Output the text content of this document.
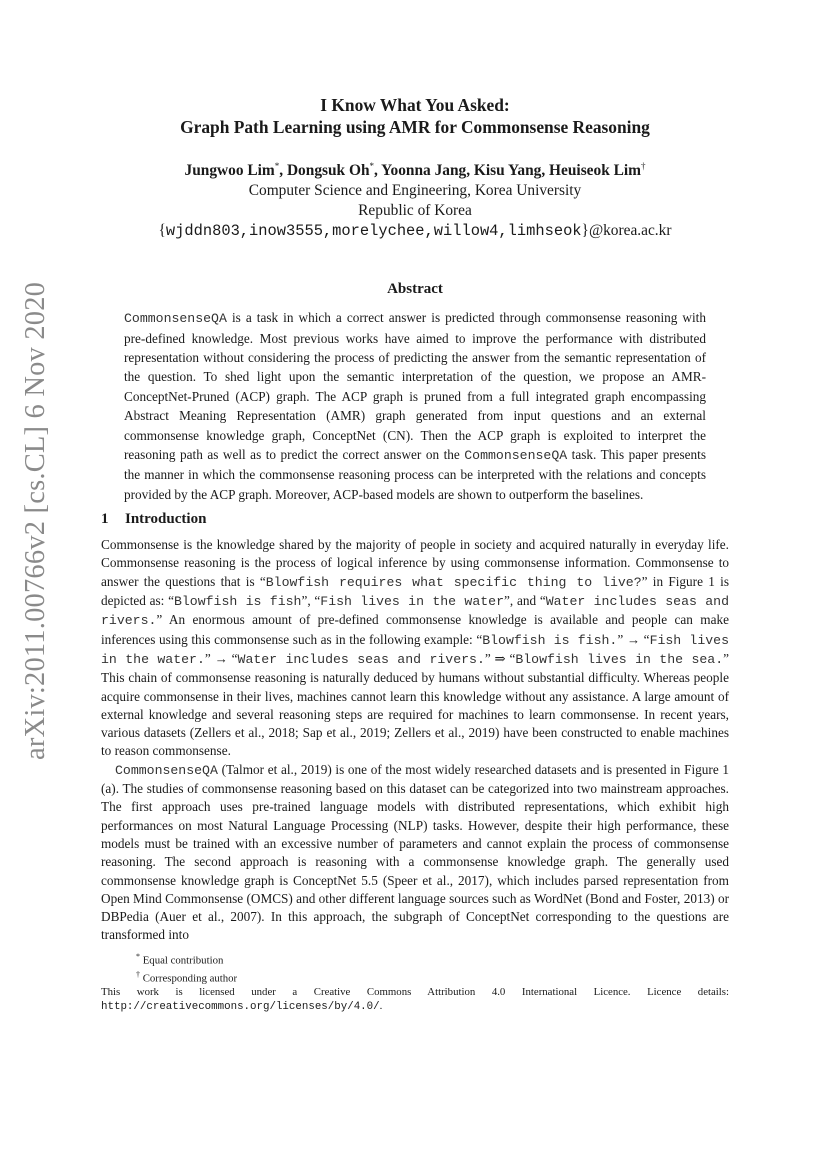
arXiv:2011.00766v2 [cs.CL] 6 Nov 2020
I Know What You Asked:
Graph Path Learning using AMR for Commonsense Reasoning
Jungwoo Lim*, Dongsuk Oh*, Yoonna Jang, Kisu Yang, Heuiseok Lim†
Computer Science and Engineering, Korea University
Republic of Korea
{wjddn803,inow3555,morelychee,willow4,limhseok}@korea.ac.kr
Abstract
CommonsenseQA is a task in which a correct answer is predicted through commonsense reasoning with pre-defined knowledge. Most previous works have aimed to improve the performance with distributed representation without considering the process of predicting the answer from the semantic representation of the question. To shed light upon the semantic interpretation of the question, we propose an AMR-ConceptNet-Pruned (ACP) graph. The ACP graph is pruned from a full integrated graph encompassing Abstract Meaning Representation (AMR) graph generated from input questions and an external commonsense knowledge graph, ConceptNet (CN). Then the ACP graph is exploited to interpret the reasoning path as well as to predict the correct answer on the CommonsenseQA task. This paper presents the manner in which the commonsense reasoning process can be interpreted with the relations and concepts provided by the ACP graph. Moreover, ACP-based models are shown to outperform the baselines.
1 Introduction

Commonsense is the knowledge shared by the majority of people in society and acquired naturally in everyday life. Commonsense reasoning is the process of logical inference by using commonsense information. Commonsense to answer the questions that is “Blowfish requires what specific thing to live?” in Figure 1 is depicted as: “Blowfish is fish”, “Fish lives in the water”, and “Water includes seas and rivers.” An enormous amount of pre-defined commonsense knowledge is available and people can make inferences using this commonsense such as in the following example: “Blowfish is fish.” → “Fish lives in the water.” → “Water includes seas and rivers.” ⇒ “Blowfish lives in the sea.” This chain of commonsense reasoning is naturally deduced by humans without substantial difficulty. Whereas people acquire commonsense in their lives, machines cannot learn this knowledge without any assistance. A large amount of external knowledge and several reasoning steps are required for machines to learn commonsense. In recent years, various datasets (Zellers et al., 2018; Sap et al., 2019; Zellers et al., 2019) have been constructed to enable machines to reason commonsense.

CommonsenseQA (Talmor et al., 2019) is one of the most widely researched datasets and is presented in Figure 1 (a). The studies of commonsense reasoning based on this dataset can be categorized into two mainstream approaches. The first approach uses pre-trained language models with distributed representations, which exhibit high performances on most Natural Language Processing (NLP) tasks. However, despite their high performance, these models must be trained with an excessive number of parameters and cannot explain the process of commonsense reasoning. The second approach is reasoning with a commonsense knowledge graph. The generally used commonsense knowledge graph is ConceptNet 5.5 (Speer et al., 2017), which includes parsed representation from Open Mind Commonsense (OMCS) and other different language sources such as WordNet (Bond and Foster, 2013) or DBPedia (Auer et al., 2007). In this approach, the subgraph of ConceptNet corresponding to the questions are transformed into

* Equal contribution
† Corresponding author
This work is licensed under a Creative Commons Attribution 4.0 International Licence. Licence details: http://creativecommons.org/licenses/by/4.0/.
